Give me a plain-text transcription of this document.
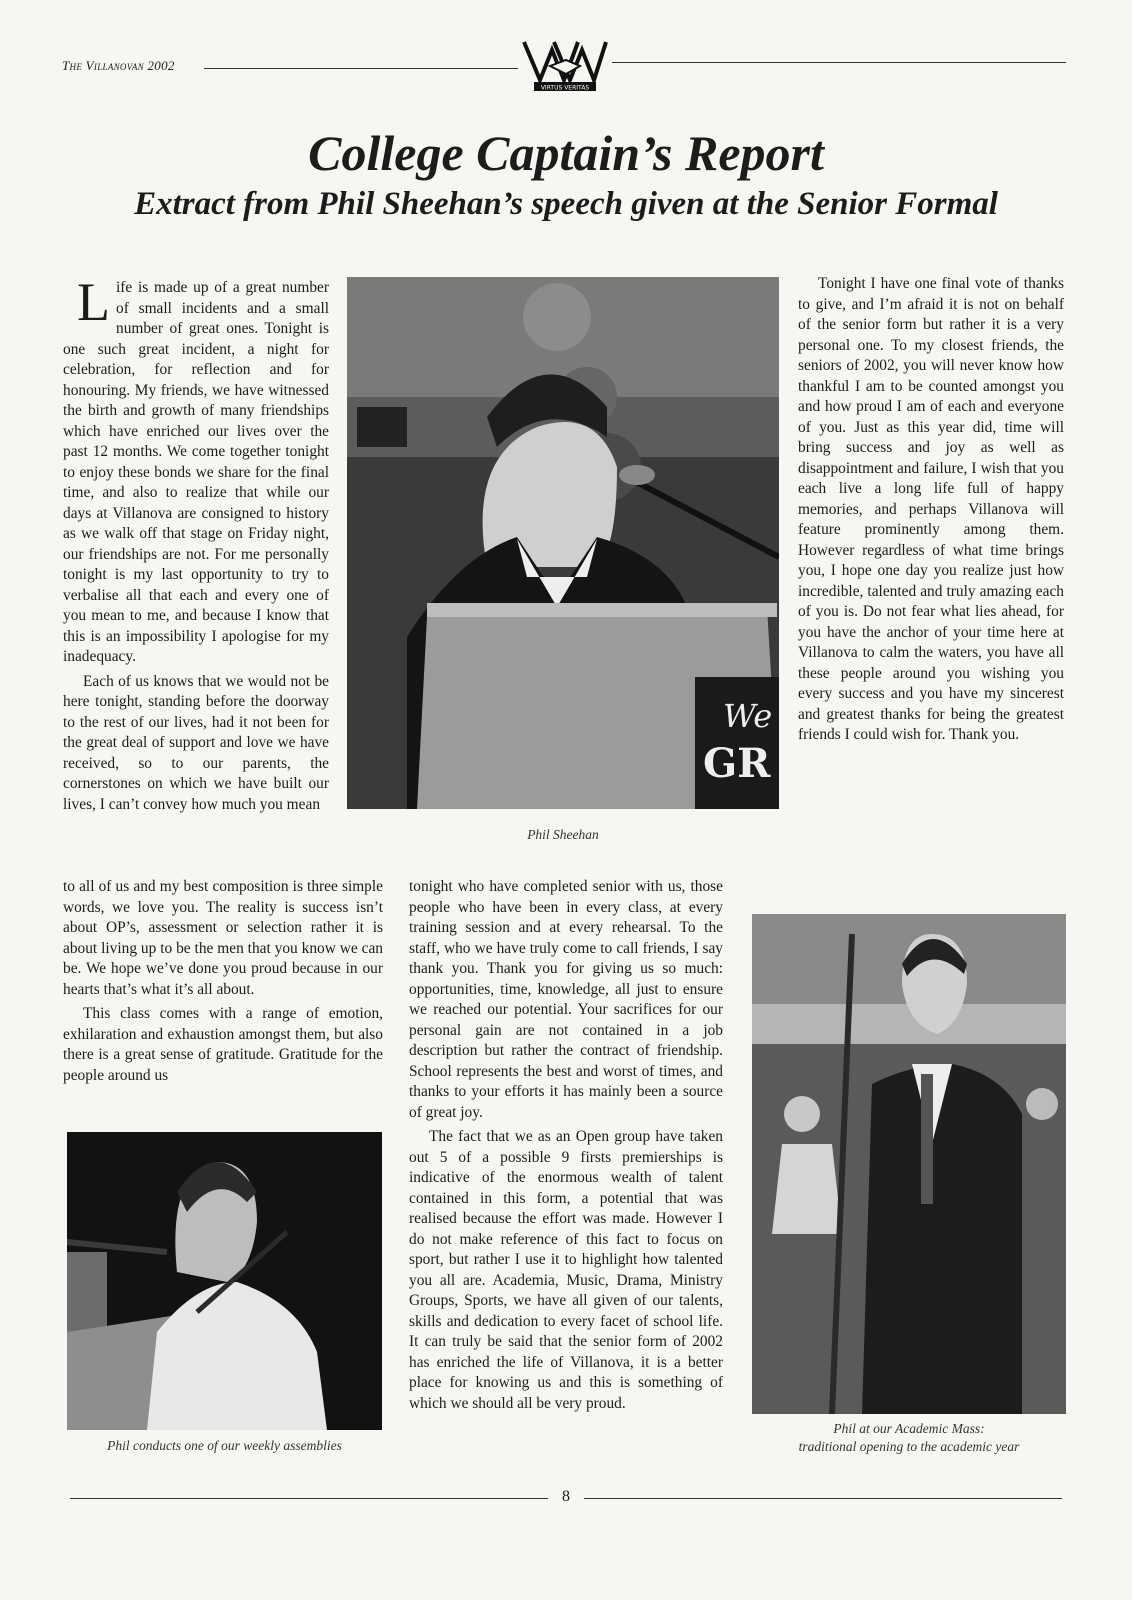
The Villanovan 2002
VIRTUS VERITAS
College Captain’s Report
Extract from Phil Sheehan’s speech given at the Senior Formal

Life is made up of a great number of small incidents and a small number of great ones. Tonight is one such great incident, a night for celebration, for reflection and for honouring. My friends, we have witnessed the birth and growth of many friendships which have enriched our lives over the past 12 months. We come together tonight to enjoy these bonds we share for the final time, and also to realize that while our days at Villanova are consigned to history as we walk off that stage on Friday night, our friendships are not. For me personally tonight is my last opportunity to try to verbalise all that each and every one of you mean to me, and because I know that this is an impossibility I apologise for my inadequacy.

Each of us knows that we would not be here tonight, standing before the doorway to the rest of our lives, had it not been for the great deal of support and love we have received, so to our parents, the cornerstones on which we have built our lives, I can’t convey how much you mean

to all of us and my best composition is three simple words, we love you. The reality is success isn’t about OP’s, assessment or selection rather it is about living up to be the men that you know we can be. We hope we’ve done you proud because in our hearts that’s what it’s all about.

This class comes with a range of emotion, exhilaration and exhaustion amongst them, but also there is a great sense of gratitude. Gratitude for the people around us

We
GR
Phil Sheehan

tonight who have completed senior with us, those people who have been in every class, at every training session and at every rehearsal. To the staff, who we have truly come to call friends, I say thank you. Thank you for giving us so much: opportunities, time, knowledge, all just to ensure we reached our potential. Your sacrifices for our personal gain are not contained in a job description but rather the contract of friendship. School represents the best and worst of times, and thanks to your efforts it has mainly been a source of great joy.

The fact that we as an Open group have taken out 5 of a possible 9 firsts premierships is indicative of the enormous wealth of talent contained in this form, a potential that was realised because the effort was made. However I do not make reference of this fact to focus on sport, but rather I use it to highlight how talented you all are. Academia, Music, Drama, Ministry Groups, Sports, we have all given of our talents, skills and dedication to every facet of school life. It can truly be said that the senior form of 2002 has enriched the life of Villanova, it is a better place for knowing us and this is something of which we should all be very proud.

Tonight I have one final vote of thanks to give, and I’m afraid it is not on behalf of the senior form but rather it is a very personal one. To my closest friends, the seniors of 2002, you will never know how thankful I am to be counted amongst you and how proud I am of each and everyone of you. Just as this year did, time will bring success and joy as well as disappointment and failure, I wish that you each live a long life full of happy memories, and perhaps Villanova will feature prominently among them. However regardless of what time brings you, I hope one day you realize just how incredible, talented and truly amazing each of you is. Do not fear what lies ahead, for you have the anchor of your time here at Villanova to calm the waters, you have all these people around you wishing you every success and you have my sincerest and greatest thanks for being the greatest friends I could wish for. Thank you.

Phil conducts one of our weekly assemblies
Phil at our Academic Mass:
traditional opening to the academic year
8
